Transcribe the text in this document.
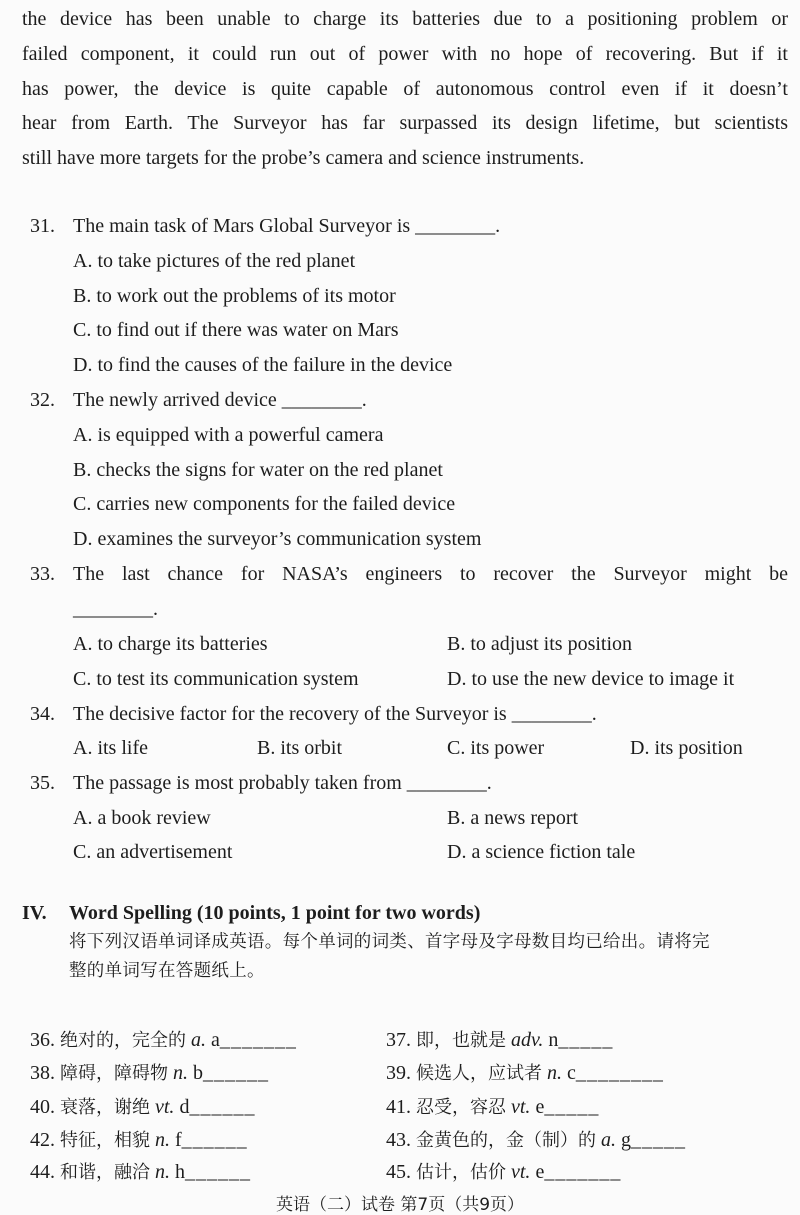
the device has been unable to charge its batteries due to a positioning problem or
failed component, it could run out of power with no hope of recovering. But if it
has power, the device is quite capable of autonomous control even if it doesn’t
hear from Earth. The Surveyor has far surpassed its design lifetime, but scientists
still have more targets for the probe’s camera and science instruments.
31. The main task of Mars Global Surveyor is ________.
A. to take pictures of the red planet
B. to work out the problems of its motor
C. to find out if there was water on Mars
D. to find the causes of the failure in the device
32. The newly arrived device ________.
A. is equipped with a powerful camera
B. checks the signs for water on the red planet
C. carries new components for the failed device
D. examines the surveyor’s communication system
33. The last chance for NASA’s engineers to recover the Surveyor might be
________.
A. to charge its batteries	B. to adjust its position
C. to test its communication system	D. to use the new device to image it
34. The decisive factor for the recovery of the Surveyor is ________.
A. its life	B. its orbit	C. its power	D. its position
35. The passage is most probably taken from ________.
A. a book review	B. a news report
C. an advertisement	D. a science fiction tale
IV. Word Spelling (10 points, 1 point for two words)
将下列汉语单词译成英语。每个单词的词类、首字母及字母数目均已给出。请将完
整的单词写在答题纸上。
36. 绝对的，完全的 a. a_______	37. 即，也就是 adv. n_____
38. 障碍，障碍物 n. b______	39. 候选人，应试者 n. c________
40. 衰落，谢绝 vt. d______	41. 忍受，容忍 vt. e_____
42. 特征，相貌 n. f______	43. 金黄色的，金（制）的 a. g_____
44. 和谐，融洽 n. h______	45. 估计，估价 vt. e_______
英语（二）试卷 第7页（共9页）
